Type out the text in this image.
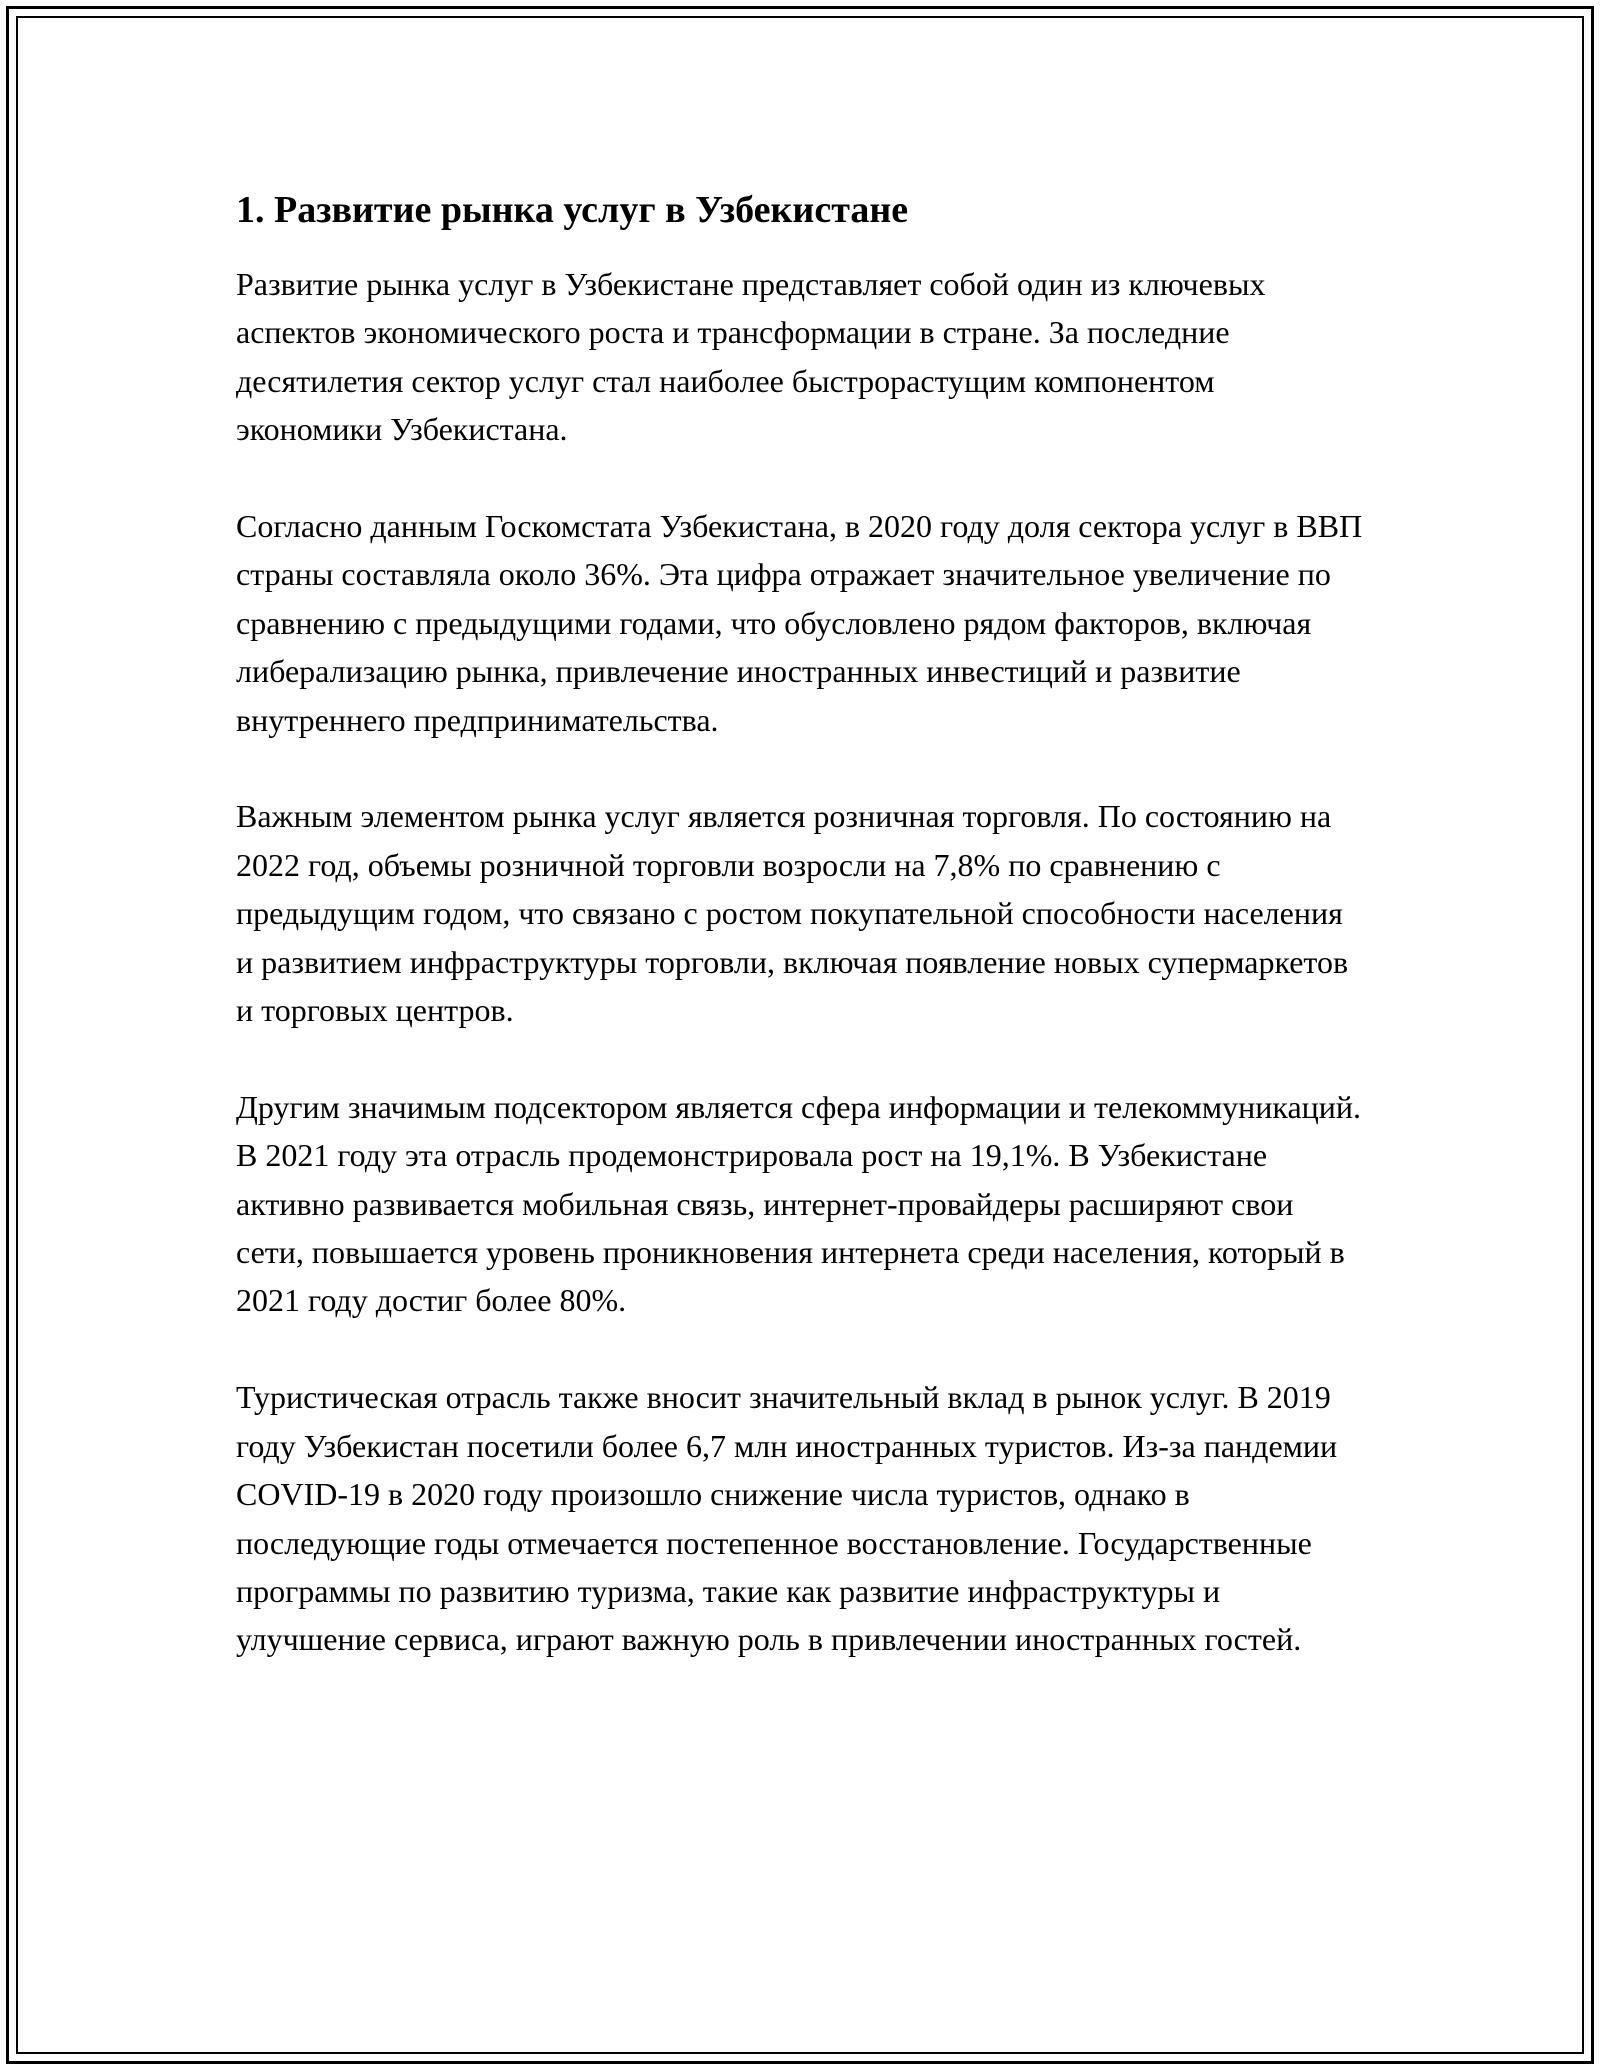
1. Развитие рынка услуг в Узбекистане

Развитие рынка услуг в Узбекистане представляет собой один из ключевых аспектов экономического роста и трансформации в стране. За последние десятилетия сектор услуг стал наиболее быстрорастущим компонентом экономики Узбекистана.

Согласно данным Госкомстата Узбекистана, в 2020 году доля сектора услуг в ВВП страны составляла около 36%. Эта цифра отражает значительное увеличение по сравнению с предыдущими годами, что обусловлено рядом факторов, включая либерализацию рынка, привлечение иностранных инвестиций и развитие внутреннего предпринимательства.

Важным элементом рынка услуг является розничная торговля. По состоянию на 2022 год, объемы розничной торговли возросли на 7,8% по сравнению с предыдущим годом, что связано с ростом покупательной способности населения и развитием инфраструктуры торговли, включая появление новых супермаркетов и торговых центров.

Другим значимым подсектором является сфера информации и телекоммуникаций. В 2021 году эта отрасль продемонстрировала рост на 19,1%. В Узбекистане активно развивается мобильная связь, интернет-провайдеры расширяют свои сети, повышается уровень проникновения интернета среди населения, который в 2021 году достиг более 80%.

Туристическая отрасль также вносит значительный вклад в рынок услуг. В 2019 году Узбекистан посетили более 6,7 млн иностранных туристов. Из-за пандемии COVID-19 в 2020 году произошло снижение числа туристов, однако в последующие годы отмечается постепенное восстановление. Государственные программы по развитию туризма, такие как развитие инфраструктуры и улучшение сервиса, играют важную роль в привлечении иностранных гостей.
